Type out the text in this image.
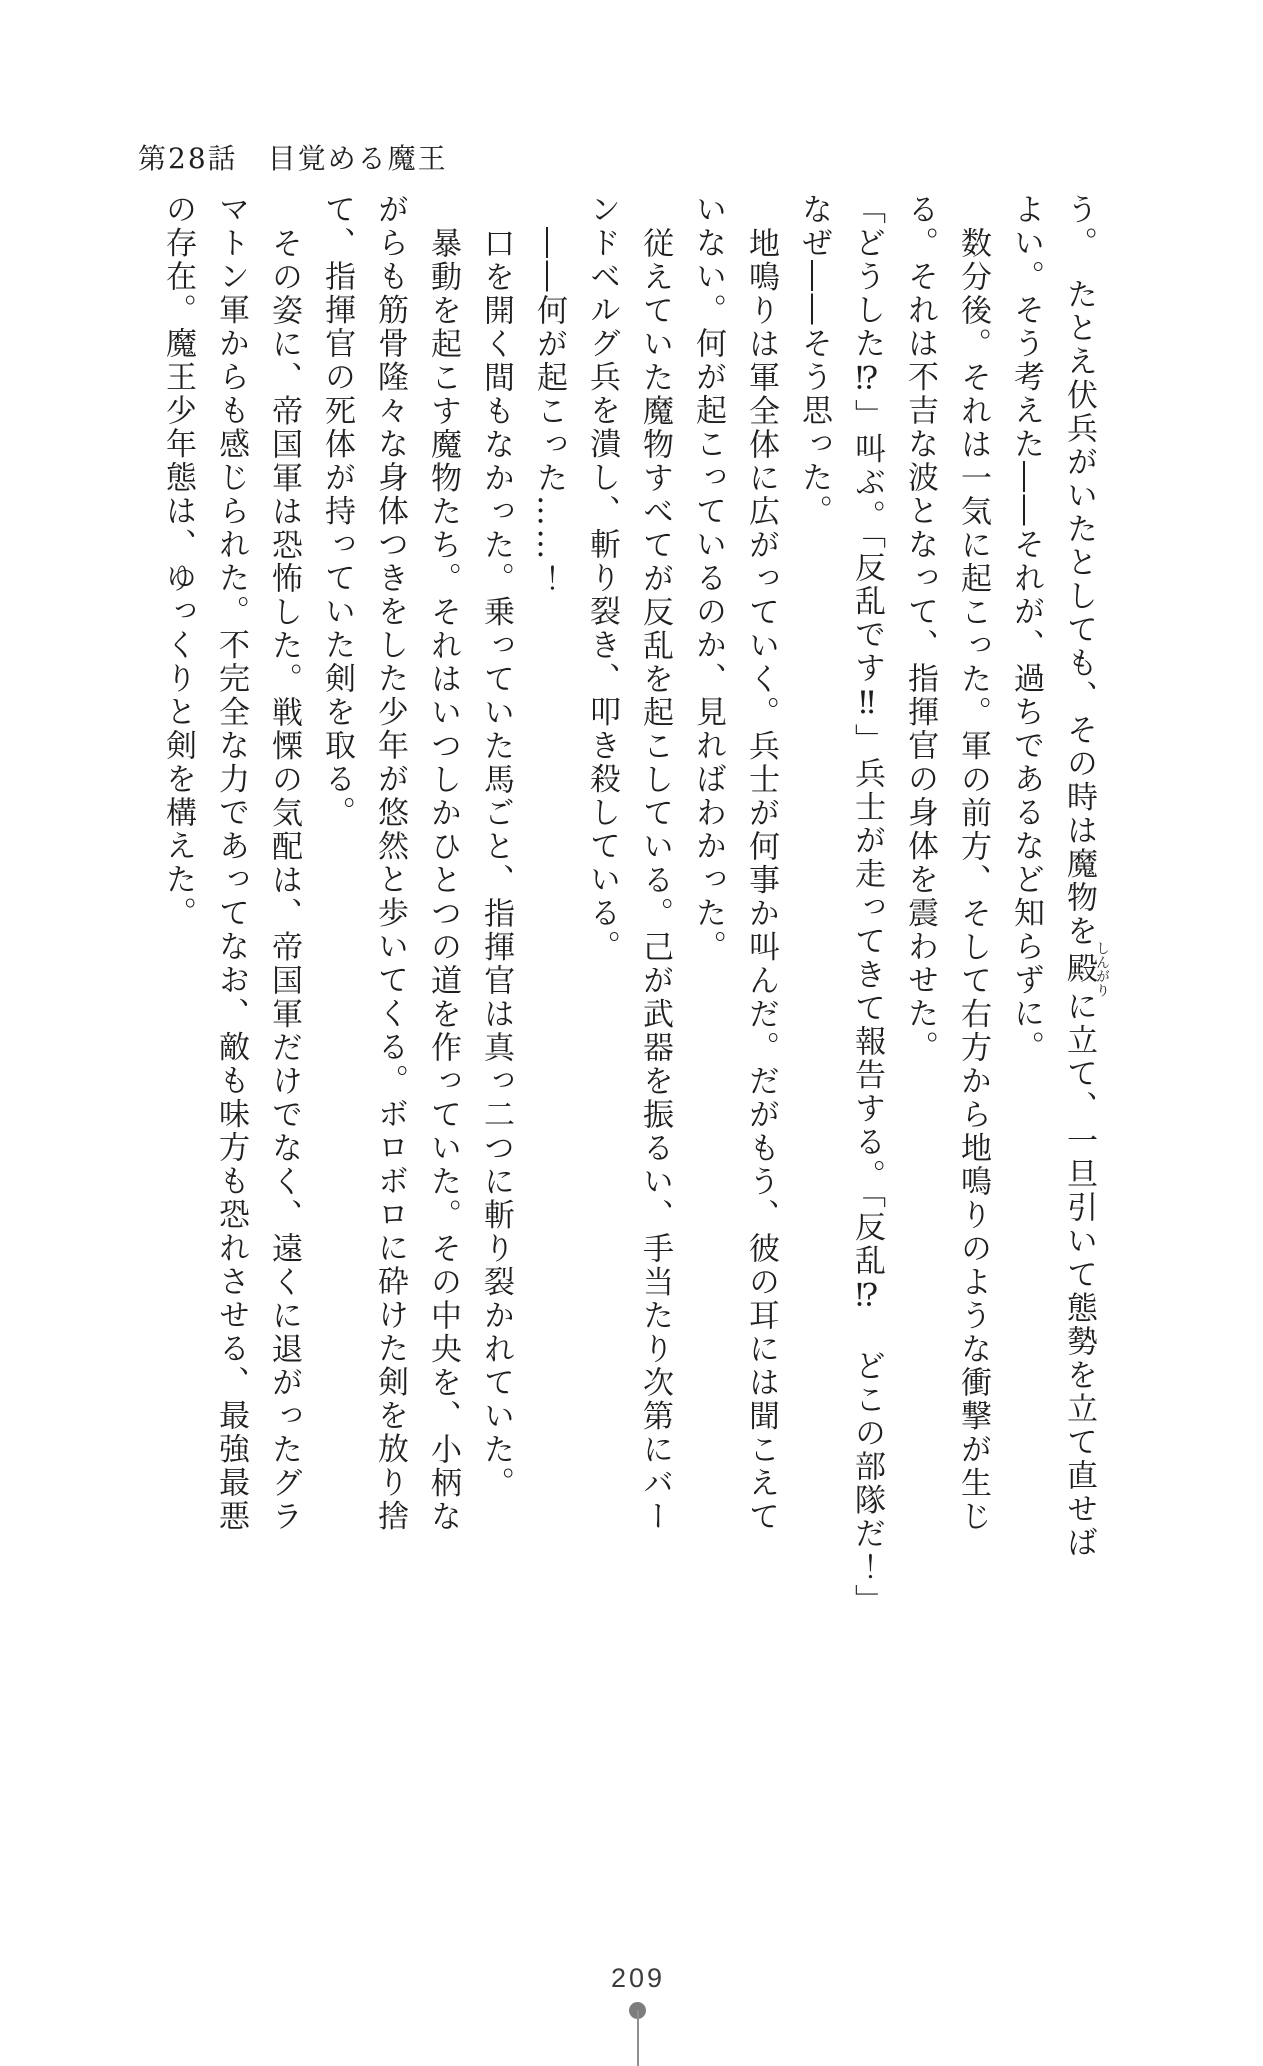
第28話　目覚める魔王

う。　たとえ伏兵がいたとしても、その時は魔物を殿しんがりに立て、一旦引いて態勢を立て直せば

よい。そう考えた――それが、過ちであるなど知らずに。

数分後。それは一気に起こった。軍の前方、そして右方から地鳴りのような衝撃が生じ

る。それは不吉な波となって、指揮官の身体を震わせた。

「どうした⁉」叫ぶ。「反乱です‼」兵士が走ってきて報告する。「反乱⁉　どこの部隊だ！」

なぜ――そう思った。

地鳴りは軍全体に広がっていく。兵士が何事か叫んだ。だがもう、彼の耳には聞こえて

いない。何が起こっているのか、見ればわかった。

従えていた魔物すべてが反乱を起こしている。己が武器を振るい、手当たり次第にバー

ンドベルグ兵を潰し、斬り裂き、叩き殺している。

――何が起こった……！

口を開く間もなかった。乗っていた馬ごと、指揮官は真っ二つに斬り裂かれていた。

暴動を起こす魔物たち。それはいつしかひとつの道を作っていた。その中央を、小柄な

がらも筋骨隆々な身体つきをした少年が悠然と歩いてくる。ボロボロに砕けた剣を放り捨

て、指揮官の死体が持っていた剣を取る。

その姿に、帝国軍は恐怖した。戦慄の気配は、帝国軍だけでなく、遠くに退がったグラ

マトン軍からも感じられた。不完全な力であってなお、敵も味方も恐れさせる、最強最悪

の存在。魔王少年態は、ゆっくりと剣を構えた。

209
